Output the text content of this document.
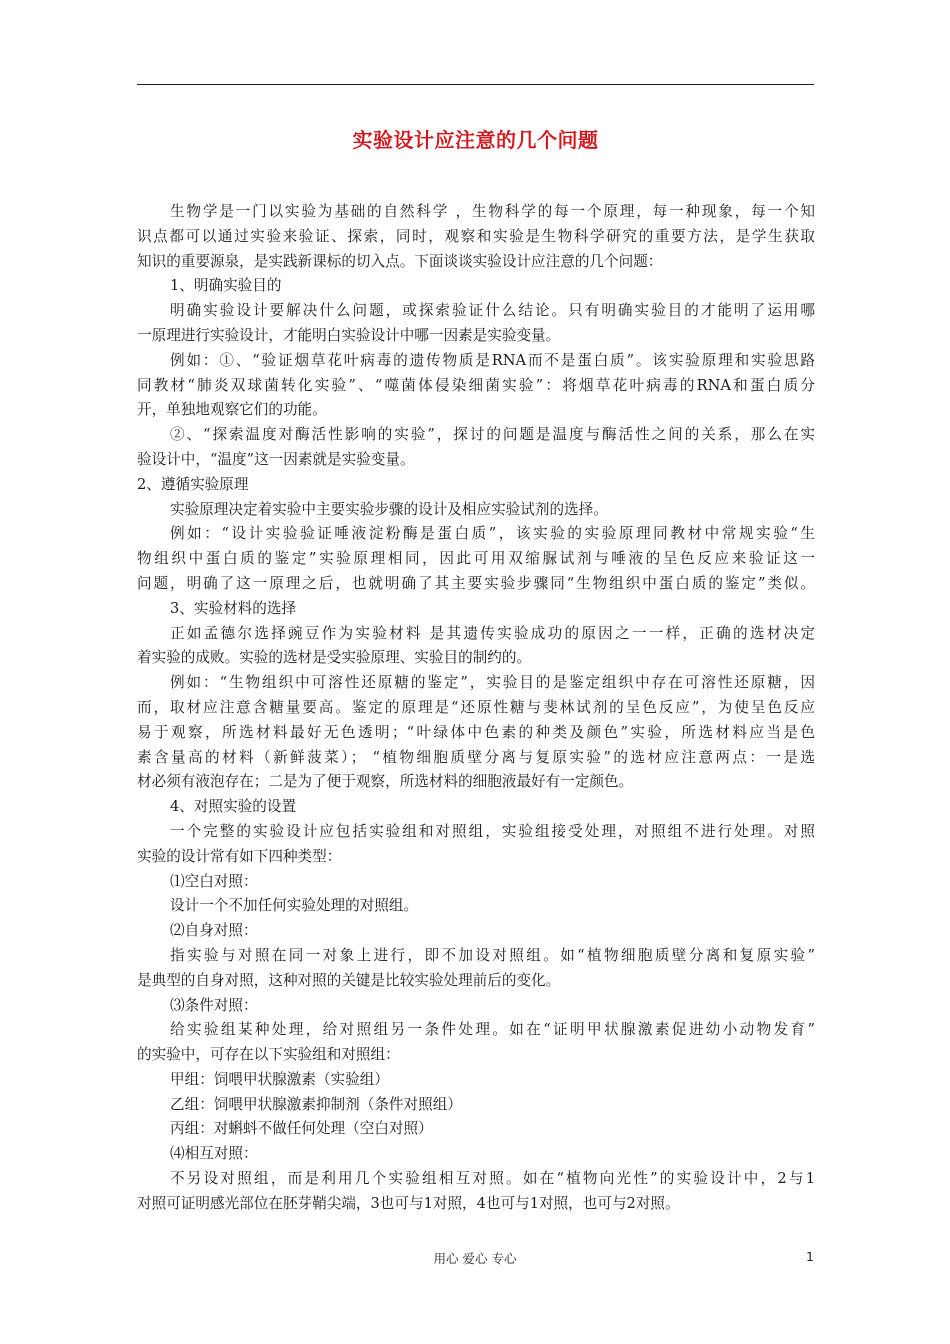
实验设计应注意的几个问题
生物学是一门以实验为基础的自然科学 ，生物科学的每一个原理，每一种现象，每一个知
识点都可以通过实验来验证、探索，同时，观察和实验是生物科学研究的重要方法，是学生获取
知识的重要源泉，是实践新课标的切入点。下面谈谈实验设计应注意的几个问题：
1、明确实验目的
明确实验设计要解决什么问题，或探索验证什么结论。只有明确实验目的才能明了运用哪
一原理进行实验设计，才能明白实验设计中哪一因素是实验变量。
例如：①、“验证烟草花叶病毒的遗传物质是RNA而不是蛋白质”。该实验原理和实验思路
同教材“肺炎双球菌转化实验”、“噬菌体侵染细菌实验”：将烟草花叶病毒的RNA和蛋白质分
开，单独地观察它们的功能。
②、“探索温度对酶活性影响的实验”，探讨的问题是温度与酶活性之间的关系，那么在实
验设计中，“温度”这一因素就是实验变量。
2、遵循实验原理
实验原理决定着实验中主要实验步骤的设计及相应实验试剂的选择。
例如：“设计实验验证唾液淀粉酶是蛋白质”，该实验的实验原理同教材中常规实验“生
物组织中蛋白质的鉴定”实验原理相同，因此可用双缩脲试剂与唾液的呈色反应来验证这一
问题，明确了这一原理之后，也就明确了其主要实验步骤同“生物组织中蛋白质的鉴定”类似。
3、实验材料的选择
正如孟德尔选择豌豆作为实验材料 是其遗传实验成功的原因之一一样，正确的选材决定
着实验的成败。实验的选材是受实验原理、实验目的制约的。
例如：“生物组织中可溶性还原糖的鉴定”，实验目的是鉴定组织中存在可溶性还原糖，因
而，取材应注意含糖量要高。鉴定的原理是“还原性糖与斐林试剂的呈色反应”，为使呈色反应
易于观察，所选材料最好无色透明；“叶绿体中色素的种类及颜色”实验，所选材料应当是色
素含量高的材料（新鲜菠菜）； “植物细胞质壁分离与复原实验”的选材应注意两点：一是选
材必须有液泡存在；二是为了便于观察，所选材料的细胞液最好有一定颜色。
4、对照实验的设置
一个完整的实验设计应包括实验组和对照组，实验组接受处理，对照组不进行处理。对照
实验的设计常有如下四种类型：
⑴空白对照：
设计一个不加任何实验处理的对照组。
⑵自身对照：
指实验与对照在同一对象上进行，即不加设对照组。如“植物细胞质壁分离和复原实验”
是典型的自身对照，这种对照的关键是比较实验处理前后的变化。
⑶条件对照：
给实验组某种处理，给对照组另一条件处理。如在“证明甲状腺激素促进幼小动物发育”
的实验中，可存在以下实验组和对照组：
甲组：饲喂甲状腺激素（实验组）
乙组：饲喂甲状腺激素抑制剂（条件对照组）
丙组：对蝌蚪不做任何处理（空白对照）
⑷相互对照：
不另设对照组，而是利用几个实验组相互对照。如在“植物向光性”的实验设计中，2与1
对照可证明感光部位在胚芽鞘尖端，3也可与1对照，4也可与1对照，也可与2对照。
用心 爱心 专心	1
